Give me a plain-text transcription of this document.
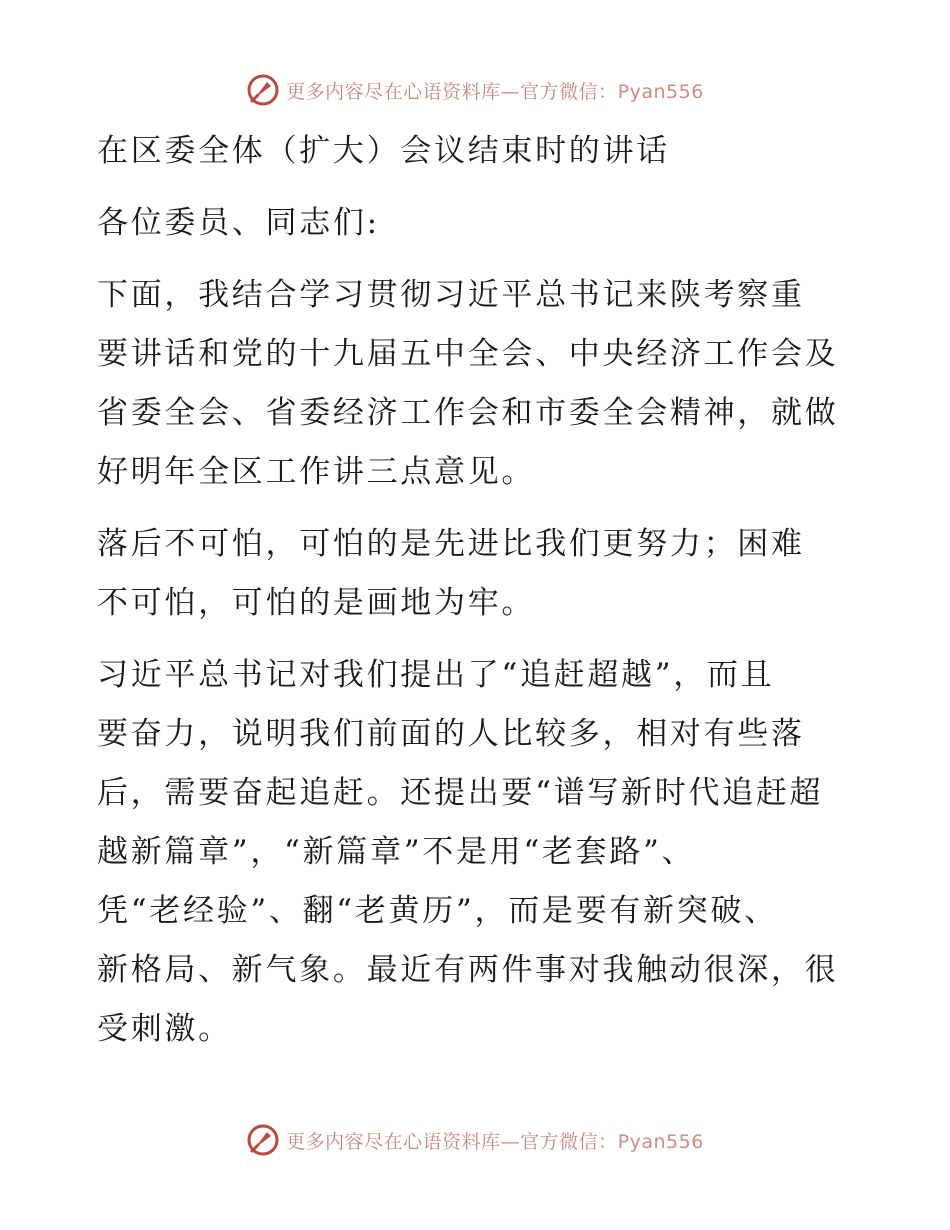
更多内容尽在心语资料库—官方微信：Pyan556
在区委全体（扩大）会议结束时的讲话
各位委员、同志们:
下面，我结合学习贯彻习近平总书记来陕考察重
要讲话和党的十九届五中全会、中央经济工作会及
省委全会、省委经济工作会和市委全会精神，就做
好明年全区工作讲三点意见。
落后不可怕，可怕的是先进比我们更努力；困难
不可怕，可怕的是画地为牢。
习近平总书记对我们提出了“追赶超越”，而且
要奋力，说明我们前面的人比较多，相对有些落
后，需要奋起追赶。还提出要“谱写新时代追赶超
越新篇章”，“新篇章”不是用“老套路”、
凭“老经验”、翻“老黄历”，而是要有新突破、
新格局、新气象。最近有两件事对我触动很深，很
受刺激。
更多内容尽在心语资料库—官方微信：Pyan556
